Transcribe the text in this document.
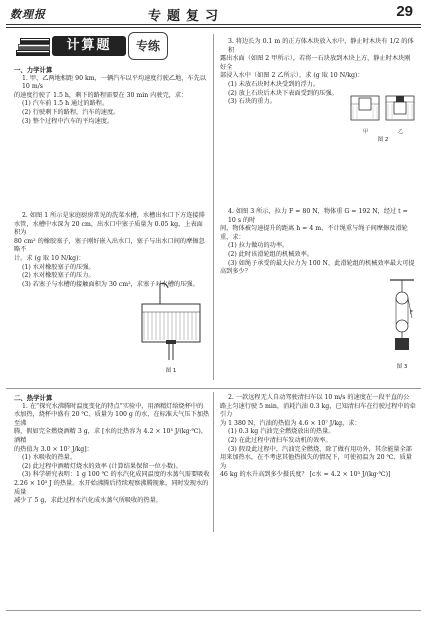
数理报	专题复习	29
计算题	专练

一、力学计算

1. 甲、乙两地相距 90 km，一辆汽车以平均速度行驶乙地，车先以 10 m/s

的速度行驶了 1.5 h，剩下的路程需要在 30 min 内驶完，求：

(1) 汽车前 1.5 h 通过的路程。

(2) 行驶剩下的路程，汽车的速度。

(3) 整个过程中汽车的平均速度。

2. 如图 1 所示是家庭厨房常见的洗菜水槽，水槽出水口下方连接排

水管，水槽中水深为 20 cm，出水口中塞子质量为 0.05 kg，上表面积为

80 cm² 的橡胶塞子，塞子刚好嵌入出水口，塞子与出水口间的摩擦忽略不

计。求 (g 取 10 N/kg)：

(1) 水对橡胶塞子的压强。

(2) 水对橡胶塞子的压力。

(3) 若塞子与水槽的接触面积为 30 cm²，求塞子对水槽的压强。

图 1

3. 将边长为 0.1 m 的正方体木块放入水中，静止时木块有 1/2 的体积

露出水面（如图 2 甲所示），若将一石块放到木块上方，静止时木块刚好全

部浸入水中（如图 2 乙所示），求 (g 取 10 N/kg)：

(1) 未放石块时木块受到的浮力。

(2) 放上石块后木块下表面受到的压强。

(3) 石块的重力。

甲	乙
图 2

4. 如图 3 所示，拉力 F = 80 N，物体重 G = 192 N，经过 t = 10 s 的时

间，物体被匀速提升的距离 h = 4 m，不计绳重与绳子间摩擦及滑轮重，求：

(1) 拉力做功的功率。

(2) 此时该滑轮组的机械效率。

(3) 如绳子承受的最大拉力为 100 N，此滑轮组的机械效率最大可提

高到多少？

F
图 3

二、热学计算

1. 在“探究水沸腾时温度变化的特点”实验中，用酒精灯给烧杯中的

水加热，烧杯中盛有 20 ℃、质量为 100 g 的水，在标准大气压下加热至沸

腾，假如完全燃烧酒精 3 g，求 [水的比热容为 4.2 × 10³ J/(kg·℃)，酒精

的热值为 3.0 × 10⁷ J/kg]：

(1) 水吸收的热量。

(2) 此过程中酒精灯烧水的效率 (计算结果保留一位小数)。

(3) 科学研究表明：1 g 100 ℃ 的水汽化成同温度的水蒸气需要吸收

2.26 × 10³ J 的热量。水开始沸腾后持续观察沸腾现象，同时发现水的质量

减少了 5 g，求此过程水汽化成水蒸气所吸收的热量。

2. 一款远程无人自动驾驶清扫车以 10 m/s 的速度在一段平直的公

路上匀速行驶 5 min，消耗汽油 0.3 kg，已知清扫车在行驶过程中的牵引力

为 1 380 N，汽油的热值为 4.6 × 10⁷ J/kg，求：

(1) 0.3 kg 汽油完全燃烧放出的热量。

(2) 在此过程中清扫车发动机的效率。

(3) 假设此过程中，汽油完全燃烧，除了做有用功外，其余能量全部

用来加热水，在不考虑其他热损失的情况下，可使初温为 20 ℃、质量为

46 kg 的水升高到多少摄氏度？ [c水 = 4.2 × 10³ J/(kg·℃)]
